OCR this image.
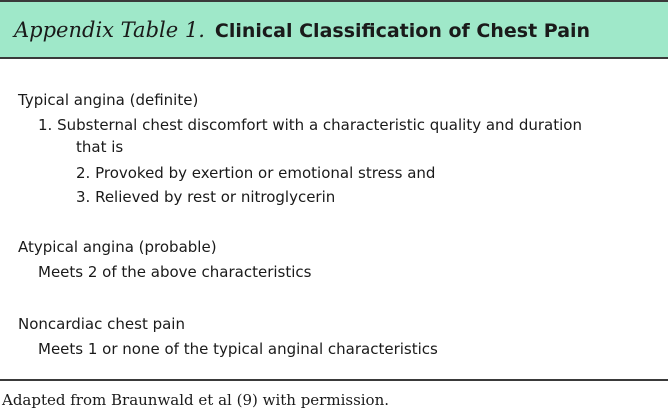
Appendix Table 1. Clinical Classification of Chest Pain
Typical angina (definite)
1. Substernal chest discomfort with a characteristic quality and duration
that is
2. Provoked by exertion or emotional stress and
3. Relieved by rest or nitroglycerin
Atypical angina (probable)
Meets 2 of the above characteristics
Noncardiac chest pain
Meets 1 or none of the typical anginal characteristics
Adapted from Braunwald et al (9) with permission.
